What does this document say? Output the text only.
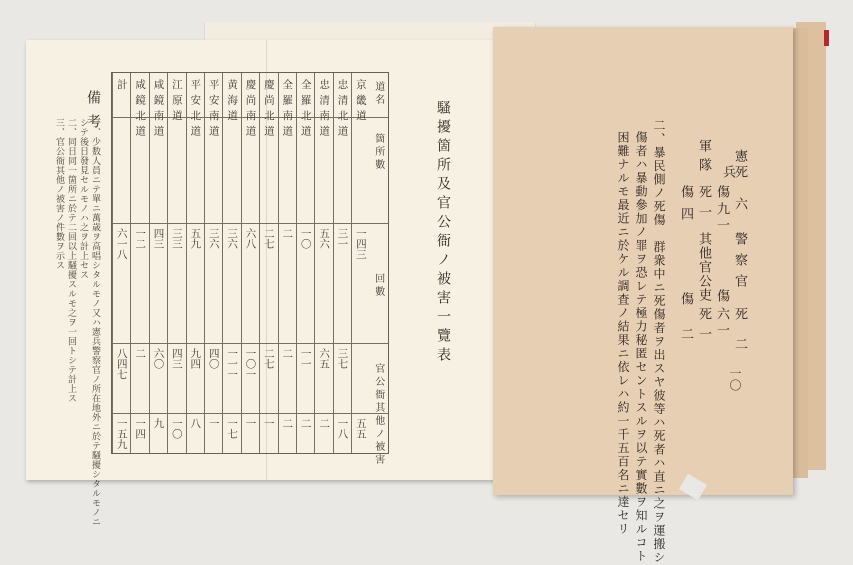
騷擾箇所及官公衙ノ被害一覽表
道名
箇所數
回數
官公衙其他ノ被害
京畿道
一四三
五五
忠清北道
三一
三七
一八
忠清南道
五六
六五
二
全羅北道
一〇
一一
二
全羅南道
二
二
二
慶尚北道
二七
二七
一
慶尚南道
六八
一〇一
一
黄海道
三六
一一一
一七
平安南道
三六
四〇
一
平安北道
五九
九四
八
江原道
三三
四三
一〇
咸鏡南道
四三
六〇
九
咸鏡北道
一二
二
一四
計
六一八
八四七
一五九
備考
一、少数人員ニテ單ニ萬歳ヲ高唱シタルモノ又ハ憲兵警察官ノ所在地外ニ於テ騒擾シタルモノニ
シテ後日發見セルモノハ之ヲ計上セス
二、同日同一箇所ニ於テ二回以上騒擾スルモ之ヲ一回トシテ計上ス
三、官公衙其他ノ被害ノ件數ヲ示ス
一〇
憲
兵
死
六
警察官
死
二
傷
九一
傷
六一
軍隊
死
一
其他官公吏
死
一
傷
四
傷
二
二、暴民側ノ死傷　群衆中ニ死傷者ヲ出スヤ彼等ハ死者ハ直ニ之ヲ運搬シ
傷者ハ暴動參加ノ罪ヲ恐レテ極力秘匿セントスルヲ以テ實數ヲ知ルコト
困難ナルモ最近ニ於ケル調査ノ結果ニ依レハ約一千五百名ニ達セリ
